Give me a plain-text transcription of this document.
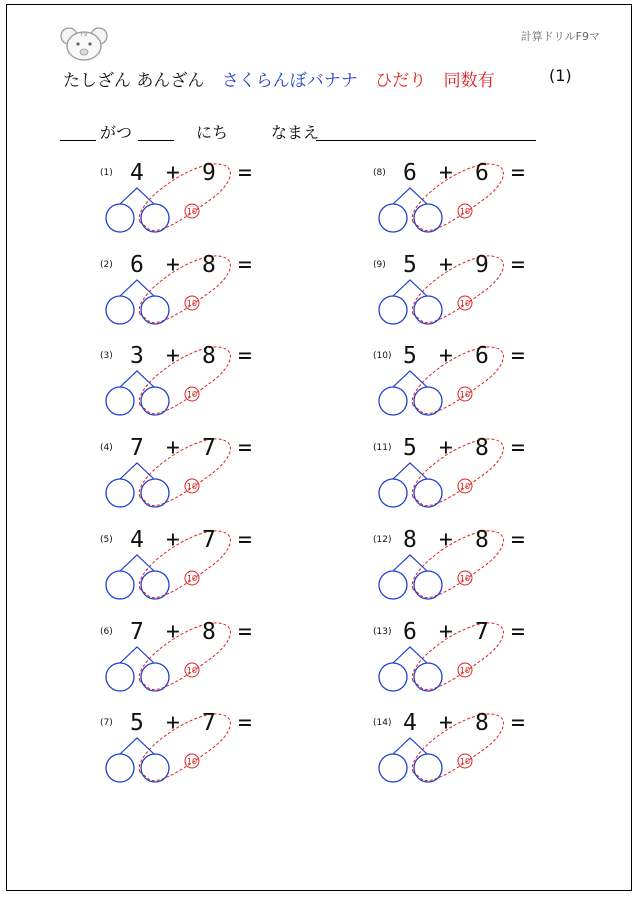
F9	計算ドリルF9マ
たしざん あんざん さくらんぼバナナ ひだり 同数有	(1)
がつ	にち	なまえ
10
(1) 4 + 9 =
10
(2) 6 + 8 =
10
(3) 3 + 8 =
10
(4) 7 + 7 =
10
(5) 4 + 7 =
10
(6) 7 + 8 =
10
(7) 5 + 7 =
10
(8) 6 + 6 =
10
(9) 5 + 9 =
10
(10) 5 + 6 =
10
(11) 5 + 8 =
10
(12) 8 + 8 =
10
(13) 6 + 7 =
10
(14) 4 + 8 =
